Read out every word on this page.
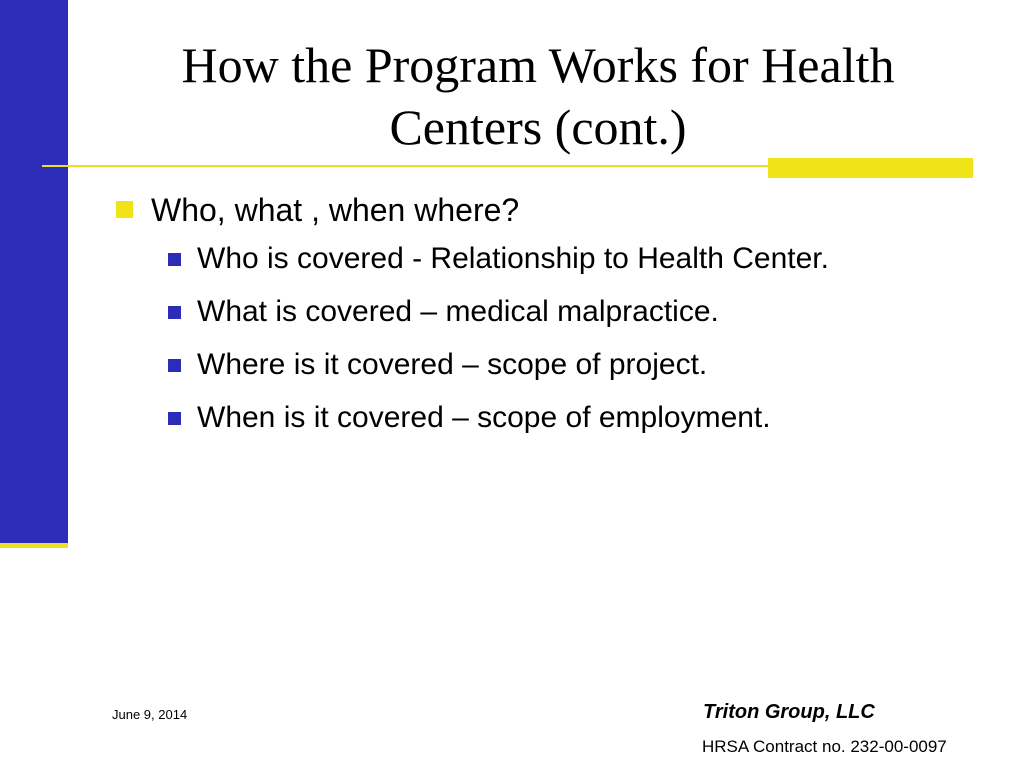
How the Program Works for Health
Centers (cont.)
Who, what , when where?
Who is covered - Relationship to Health Center.
What is covered – medical malpractice.
Where is it covered – scope of project.
When is it covered – scope of employment.
June 9, 2014	Triton Group, LLC
HRSA Contract no. 232-00-0097
